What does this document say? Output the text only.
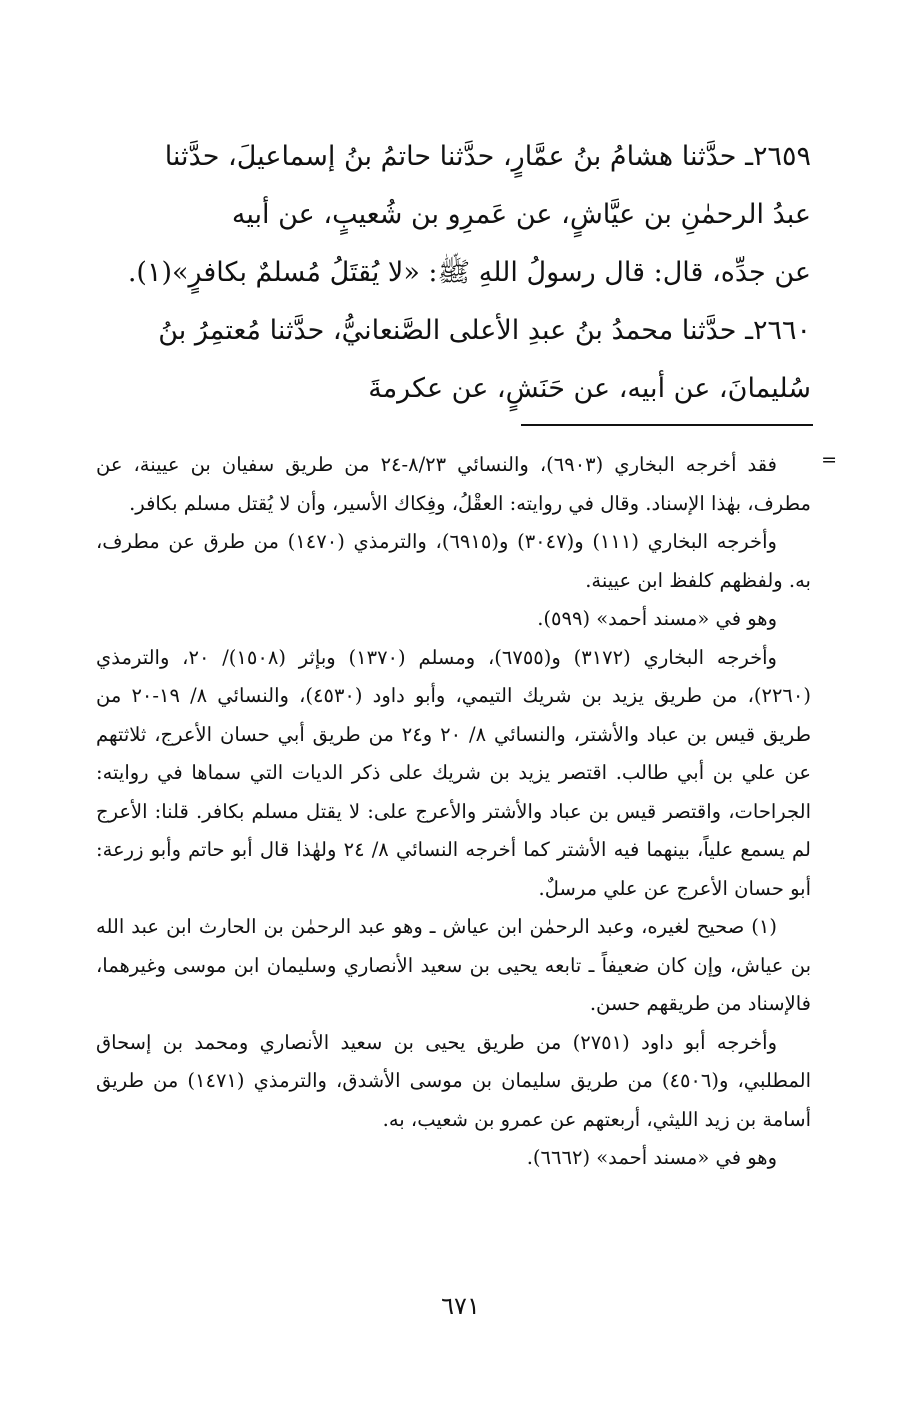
٢٦٥٩ـ حدَّثنا هشامُ بنُ عمَّارٍ، حدَّثنا حاتمُ بنُ إسماعيلَ، حدَّثنا

عبدُ الرحمٰنِ بن عيَّاشٍ، عن عَمرِو بن شُعيبٍ، عن أبيه

عن جدِّه، قال: قال رسولُ اللهِ ﷺ: «لا يُقتَلُ مُسلمٌ بكافرٍ»(١).

٢٦٦٠ـ حدَّثنا محمدُ بنُ عبدِ الأعلى الصَّنعانيُّ، حدَّثنا مُعتمِرُ بنُ

سُليمانَ، عن أبيه، عن حَنَشٍ، عن عكرمةَ

=

فقد أخرجه البخاري (٦٩٠٣)، والنسائي ٨/٢٣-٢٤ من طريق سفيان بن عيينة، عن مطرف، بهٰذا الإسناد. وقال في روايته: العقْلُ، وفِكاك الأسير، وأن لا يُقتل مسلم بكافر.

وأخرجه البخاري (١١١) و(٣٠٤٧) و(٦٩١٥)، والترمذي (١٤٧٠) من طرق عن مطرف، به. ولفظهم كلفظ ابن عيينة.

وهو في «مسند أحمد» (٥٩٩).

وأخرجه البخاري (٣١٧٢) و(٦٧٥٥)، ومسلم (١٣٧٠) وبإثر (١٥٠٨)/ ٢٠، والترمذي (٢٢٦٠)، من طريق يزيد بن شريك التيمي، وأبو داود (٤٥٣٠)، والنسائي ٨/ ١٩-٢٠ من طريق قيس بن عباد والأشتر، والنسائي ٨/ ٢٠ و٢٤ من طريق أبي حسان الأعرج، ثلاثتهم عن علي بن أبي طالب. اقتصر يزيد بن شريك على ذكر الديات التي سماها في روايته: الجراحات، واقتصر قيس بن عباد والأشتر والأعرج على: لا يقتل مسلم بكافر. قلنا: الأعرج لم يسمع علياً، بينهما فيه الأشتر كما أخرجه النسائي ٨/ ٢٤ ولهٰذا قال أبو حاتم وأبو زرعة: أبو حسان الأعرج عن علي مرسلٌ.

(١) صحيح لغيره، وعبد الرحمٰن ابن عياش ـ وهو عبد الرحمٰن بن الحارث ابن عبد الله بن عياش، وإن كان ضعيفاً ـ تابعه يحيى بن سعيد الأنصاري وسليمان ابن موسى وغيرهما، فالإسناد من طريقهم حسن.

وأخرجه أبو داود (٢٧٥١) من طريق يحيى بن سعيد الأنصاري ومحمد بن إسحاق المطلبي، و(٤٥٠٦) من طريق سليمان بن موسى الأشدق، والترمذي (١٤٧١) من طريق أسامة بن زيد الليثي، أربعتهم عن عمرو بن شعيب، به.

وهو في «مسند أحمد» (٦٦٦٢).

٦٧١
